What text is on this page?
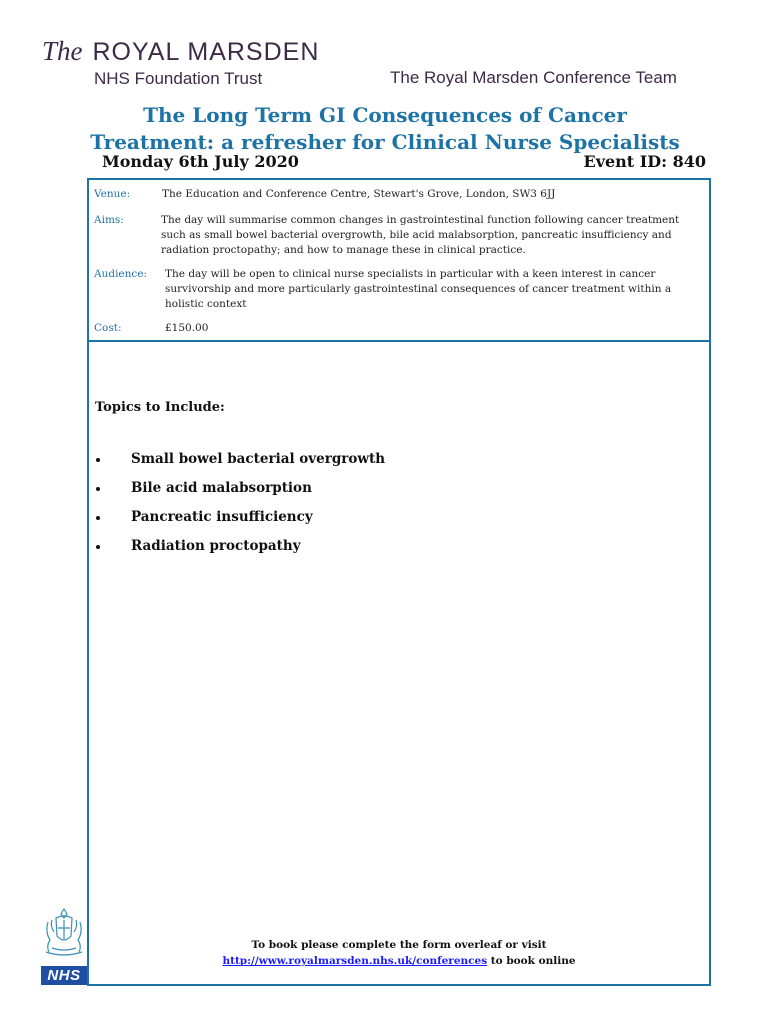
The ROYAL MARSDEN
NHS Foundation Trust	The Royal Marsden Conference Team
The Long Term GI Consequences of Cancer
Treatment: a refresher for Clinical Nurse Specialists
Monday 6th July 2020	Event ID: 840
Venue:	The Education and Conference Centre, Stewart's Grove, London, SW3 6JJ
Aims:	The day will summarise common changes in gastrointestinal function following cancer treatment such as small bowel bacterial overgrowth, bile acid malabsorption, pancreatic insufficiency and radiation proctopathy; and how to manage these in clinical practice.
Audience: The day will be open to clinical nurse specialists in particular with a keen interest in cancer survivorship and more particularly gastrointestinal consequences of cancer treatment within a holistic context
Cost:	£150.00
Topics to Include:
Small bowel bacterial overgrowth
Bile acid malabsorption
Pancreatic insufficiency
Radiation proctopathy
To book please complete the form overleaf or visit
http://www.royalmarsden.nhs.uk/conferences to book online
NHS
